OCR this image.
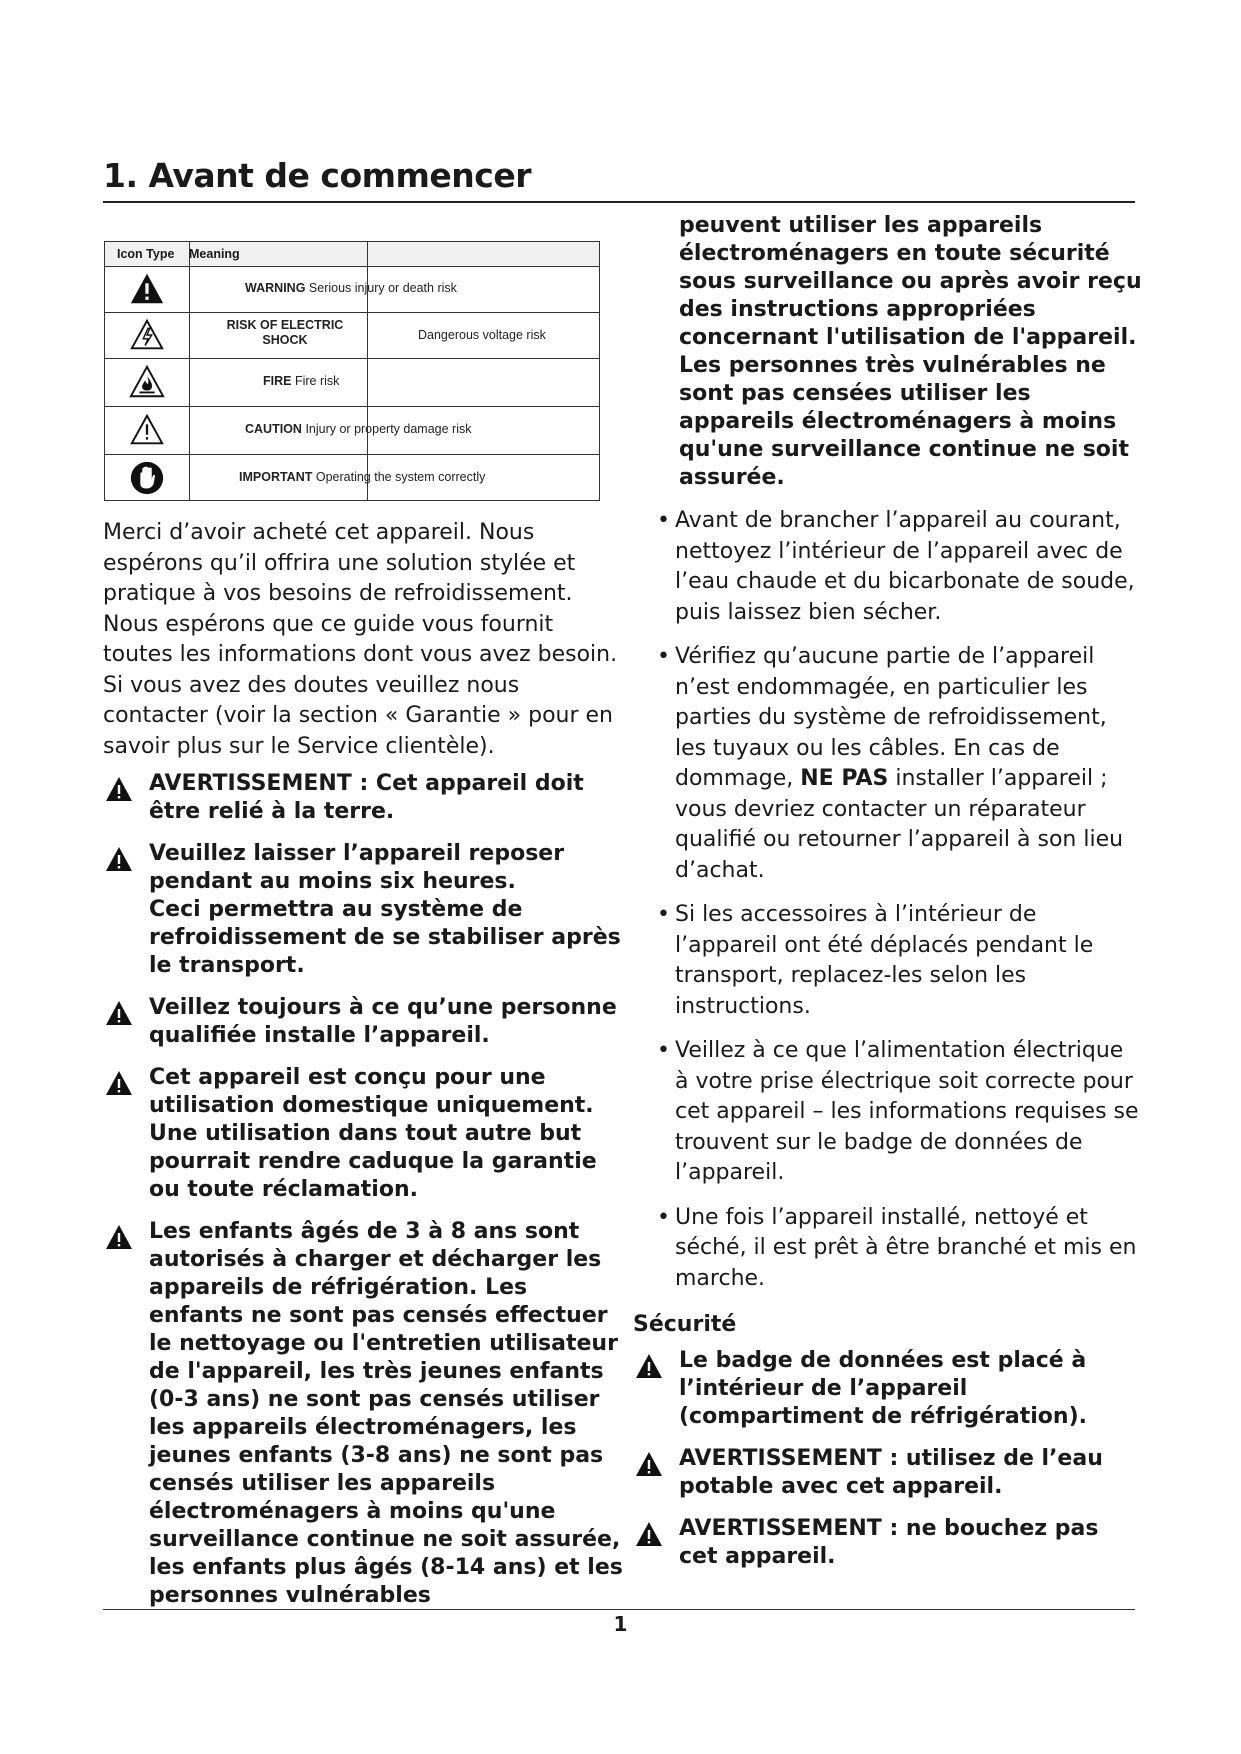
1. Avant de commencer
Icon Type Meaning
WARNING Serious injury or death risk
RISK OF ELECTRIC
SHOCK	Dangerous voltage risk
FIRE Fire risk
CAUTION Injury or property damage risk
IMPORTANT Operating the system correctly

Merci d’avoir acheté cet appareil. Nous espérons qu’il offrira une solution stylée et pratique à vos besoins de refroidissement. Nous espérons que ce guide vous fournit toutes les informations dont vous avez besoin. Si vous avez des doutes veuillez nous contacter (voir la section « Garantie » pour en savoir plus sur le Service clientèle).

AVERTISSEMENT : Cet appareil doit être relié à la terre.

Veuillez laisser l’appareil reposer pendant au moins six heures.

Ceci permettra au système de refroidissement de se stabiliser après le transport.

Veillez toujours à ce qu’une personne qualifiée installe l’appareil.

Cet appareil est conçu pour une utilisation domestique uniquement. Une utilisation dans tout autre but pourrait rendre caduque la garantie ou toute réclamation.

Les enfants âgés de 3 à 8 ans sont autorisés à charger et décharger les appareils de réfrigération. Les enfants ne sont pas censés effectuer le nettoyage ou l'entretien utilisateur de l'appareil, les très jeunes enfants (0-3 ans) ne sont pas censés utiliser les appareils électroménagers, les jeunes enfants (3-8 ans) ne sont pas censés utiliser les appareils électroménagers à moins qu'une surveillance continue ne soit assurée, les enfants plus âgés (8-14 ans) et les personnes vulnérables

peuvent utiliser les appareils électroménagers en toute sécurité sous surveillance ou après avoir reçu des instructions appropriées concernant l'utilisation de l'appareil. Les personnes très vulnérables ne sont pas censées utiliser les appareils électroménagers à moins qu'une surveillance continue ne soit assurée.

• Avant de brancher l’appareil au courant, nettoyez l’intérieur de l’appareil avec de l’eau chaude et du bicarbonate de soude, puis laissez bien sécher.
• Vérifiez qu’aucune partie de l’appareil n’est endommagée, en particulier les parties du système de refroidissement, les tuyaux ou les câbles. En cas de dommage, NE PAS installer l’appareil ; vous devriez contacter un réparateur qualifié ou retourner l’appareil à son lieu d’achat.
• Si les accessoires à l’intérieur de l’appareil ont été déplacés pendant le transport, replacez-les selon les instructions.
• Veillez à ce que l’alimentation électrique à votre prise électrique soit correcte pour cet appareil – les informations requises se trouvent sur le badge de données de l’appareil.
• Une fois l’appareil installé, nettoyé et séché, il est prêt à être branché et mis en marche.
Sécurité

Le badge de données est placé à l’intérieur de l’appareil (compartiment de réfrigération).

AVERTISSEMENT : utilisez de l’eau potable avec cet appareil.

AVERTISSEMENT : ne bouchez pas cet appareil.

1
